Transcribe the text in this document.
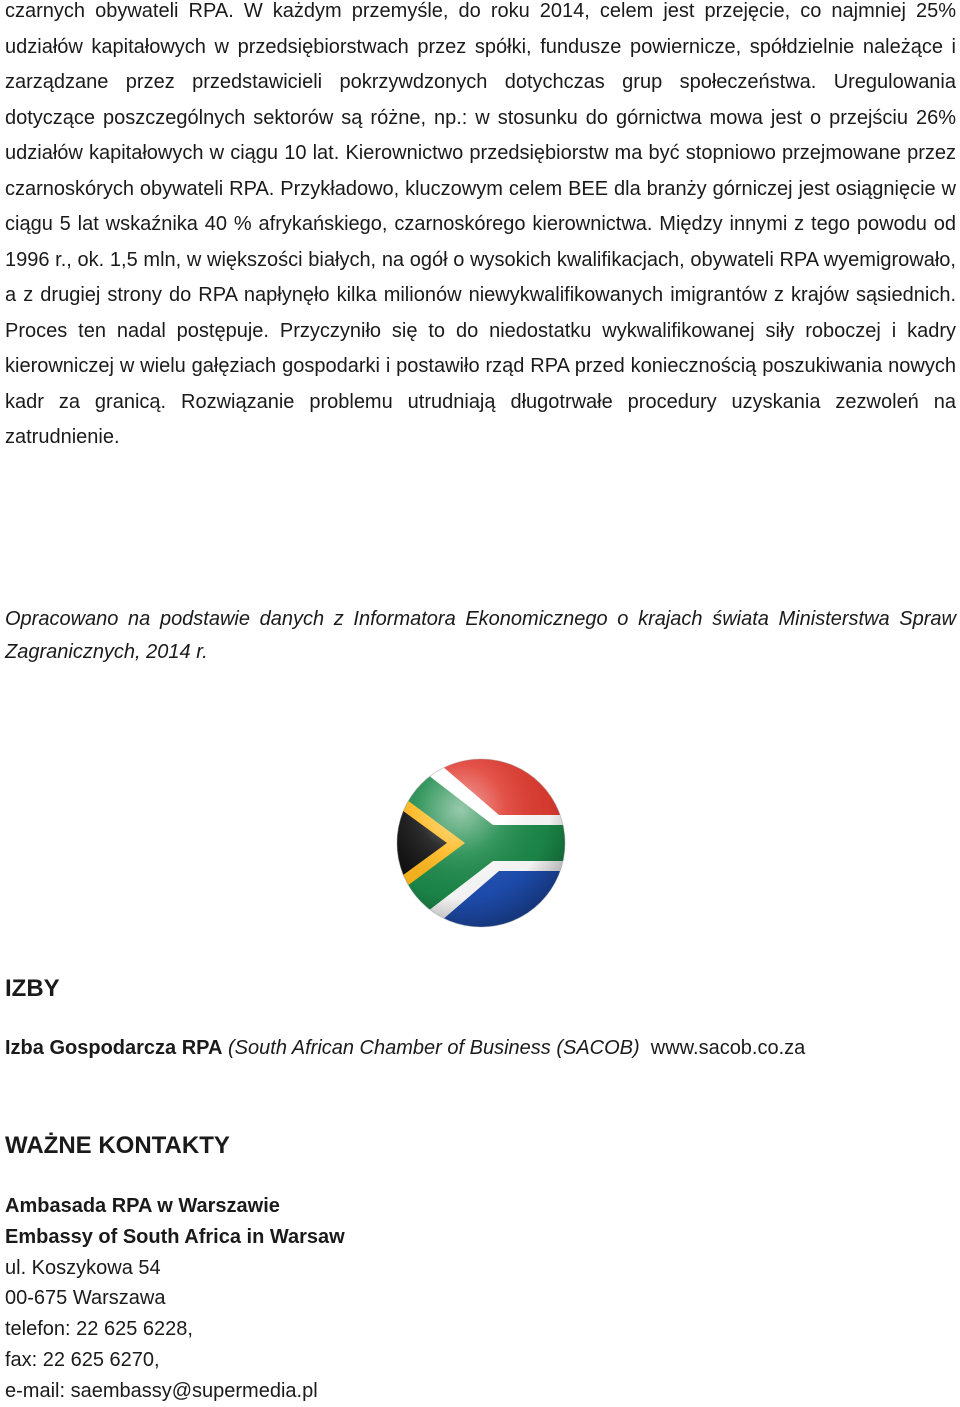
czarnych obywateli RPA. W każdym przemyśle, do roku 2014, celem jest przejęcie, co najmniej 25% udziałów kapitałowych w przedsiębiorstwach przez spółki, fundusze powiernicze, spółdzielnie należące i zarządzane przez przedstawicieli pokrzywdzonych dotychczas grup społeczeństwa. Uregulowania dotyczące poszczególnych sektorów są różne, np.: w stosunku do górnictwa mowa jest o przejściu 26% udziałów kapitałowych w ciągu 10 lat. Kierownictwo przedsiębiorstw ma być stopniowo przejmowane przez czarnoskórych obywateli RPA. Przykładowo, kluczowym celem BEE dla branży górniczej jest osiągnięcie w ciągu 5 lat wskaźnika 40 % afrykańskiego, czarnoskórego kierownictwa. Między innymi z tego powodu od 1996 r., ok. 1,5 mln, w większości białych, na ogół o wysokich kwalifikacjach, obywateli RPA wyemigrowało, a z drugiej strony do RPA napłynęło kilka milionów niewykwalifikowanych imigrantów z krajów sąsiednich. Proces ten nadal postępuje. Przyczyniło się to do niedostatku wykwalifikowanej siły roboczej i kadry kierowniczej w wielu gałęziach gospodarki i postawiło rząd RPA przed koniecznością poszukiwania nowych kadr za granicą. Rozwiązanie problemu utrudniają długotrwałe procedury uzyskania zezwoleń na zatrudnienie.

Opracowano na podstawie danych z Informatora Ekonomicznego o krajach świata Ministerstwa Spraw Zagranicznych, 2014 r.

IZBY

Izba Gospodarcza RPA (South African Chamber of Business (SACOB) www.sacob.co.za

WAŻNE KONTAKTY
Ambasada RPA w Warszawie
Embassy of South Africa in Warsaw
ul. Koszykowa 54
00-675 Warszawa
telefon: 22 625 6228,
fax: 22 625 6270,
e-mail: saembassy@supermedia.pl
